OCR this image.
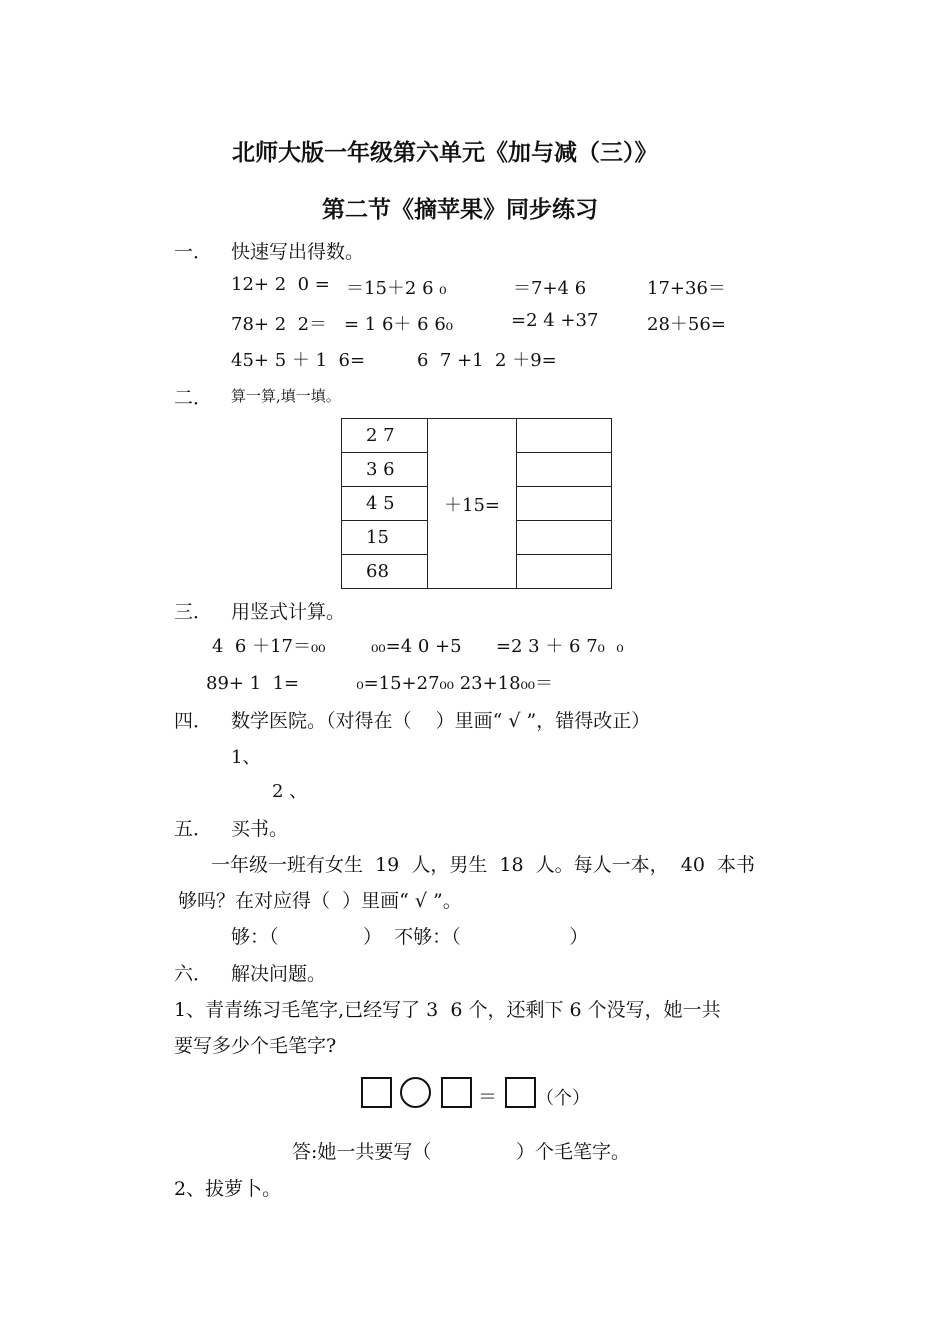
北师大版一年级第六单元《加与减（三）》
第二节《摘苹果》同步练习
一． 快速写出得数。
12+ 2  0 = ＝15＋2 6 ₀	＝7+4 6	17+36＝
78+ 2  2＝ = 1 6＋ 6 6₀	=2 4 +37	28＋56=
45+ 5 ＋ 1  6=	6  7 +1  2 ＋9=
二． 算一算,填一填。
2 7	＋15=	
3 6		
4 5		
15		
68		
三． 用竖式计算。
4  6 ＋17＝₀₀        ₀₀=4 0 +5      =2 3 ＋ 6 7₀  ₀
89+ 1  1=          ₀=15+27₀₀ 23+18₀₀＝
四． 数学医院。（对得在（    ）里画“ √ ”，错得改正）
1、
2 、
五． 买书。
一年级一班有女生  19  人，男生  18  人。每人一本，  40  本书
够吗？在对应得（  ）里画“ √ ”。
够：（              ）  不够：（                  ）
六． 解决问题。
1、青青练习毛笔字,已经写了 3  6 个，还剩下 6 个没写，她一共
要写多少个毛笔字?
＝ （个）
答:她一共要写（              ）个毛笔字。
2、拔萝卜。
